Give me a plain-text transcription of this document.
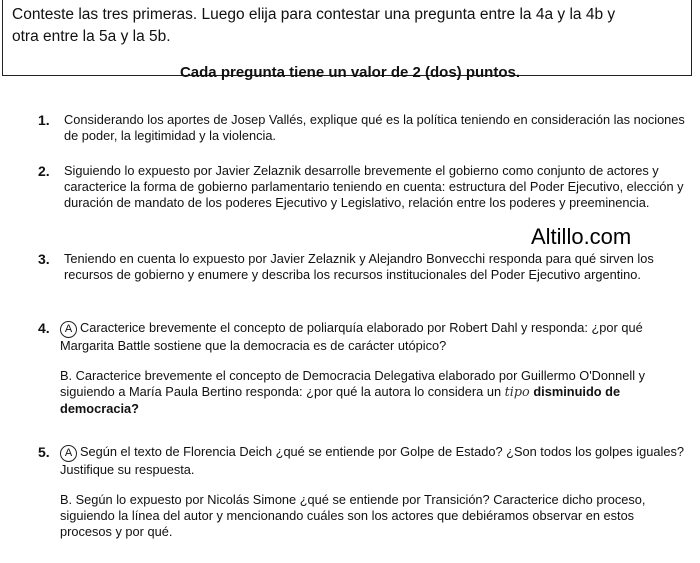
Conteste las tres primeras. Luego elija para contestar una pregunta entre la 4a y la 4b y
otra entre la 5a y la 5b.
Cada pregunta tiene un valor de 2 (dos) puntos.
1. Considerando los aportes de Josep Vallés, explique qué es la política teniendo en consideración las nociones de poder, la legitimidad y la violencia.
2. Siguiendo lo expuesto por Javier Zelaznik desarrolle brevemente el gobierno como conjunto de actores y caracterice la forma de gobierno parlamentario teniendo en cuenta: estructura del Poder Ejecutivo, elección y duración de mandato de los poderes Ejecutivo y Legislativo, relación entre los poderes y preeminencia.
Altillo.com
3. Teniendo en cuenta lo expuesto por Javier Zelaznik y Alejandro Bonvecchi responda para qué sirven los recursos de gobierno y enumere y describa los recursos institucionales del Poder Ejecutivo argentino.
4.	A Caracterice brevemente el concepto de poliarquía elaborado por Robert Dahl y responda: ¿por qué Margarita Battle sostiene que la democracia es de carácter utópico?
B. Caracterice brevemente el concepto de Democracia Delegativa elaborado por Guillermo O'Donnell y siguiendo a María Paula Bertino responda: ¿por qué la autora lo considera un tipo disminuido de democracia?
5.	A Según el texto de Florencia Deich ¿qué se entiende por Golpe de Estado? ¿Son todos los golpes iguales? Justifique su respuesta.
B. Según lo expuesto por Nicolás Simone ¿qué se entiende por Transición? Caracterice dicho proceso, siguiendo la línea del autor y mencionando cuáles son los actores que debiéramos observar en estos procesos y por qué.
